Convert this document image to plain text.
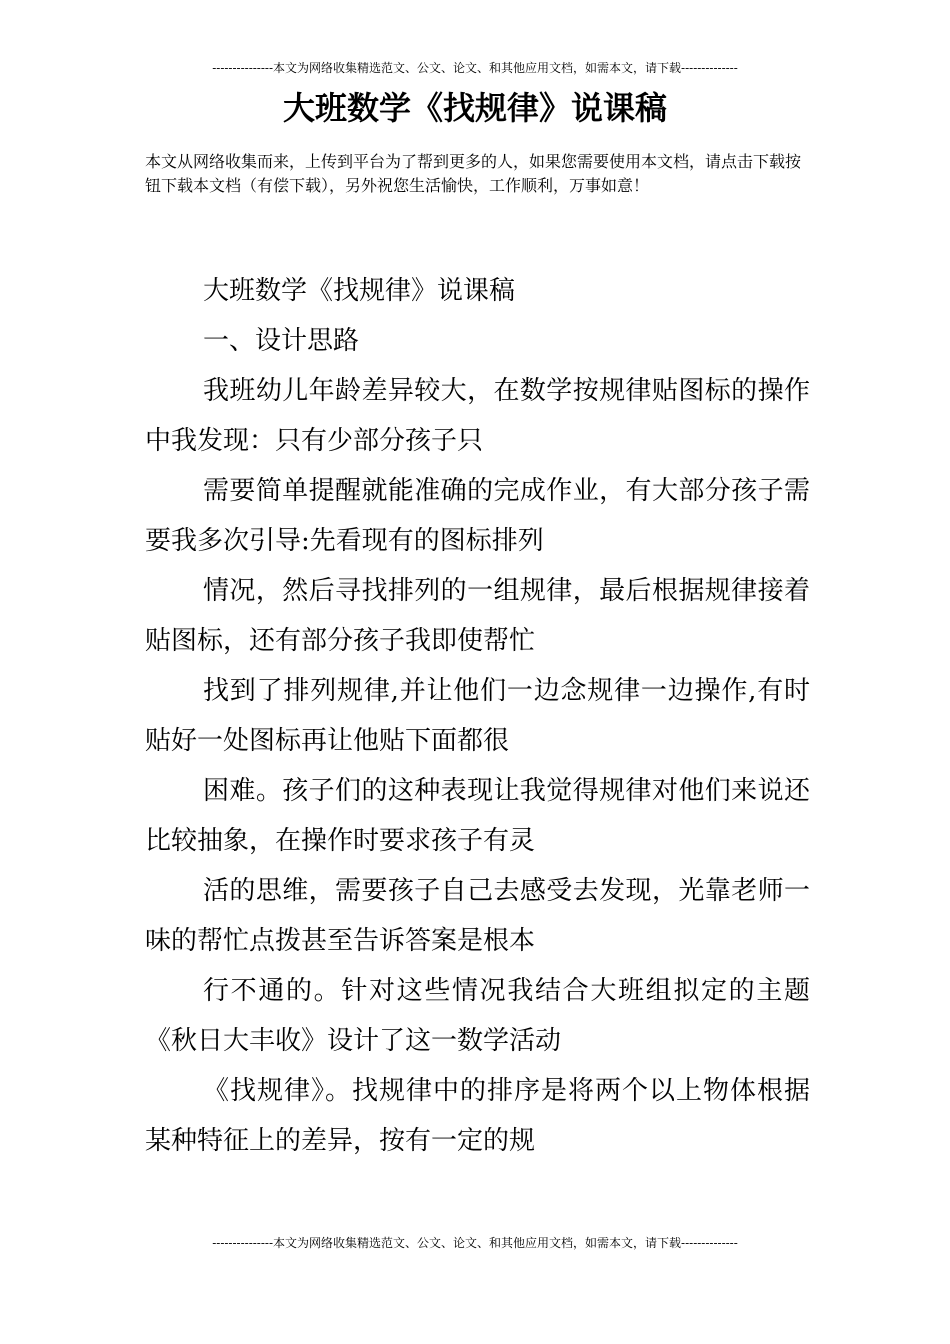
---------------本文为网络收集精选范文、公文、论文、和其他应用文档，如需本文，请下载--------------
大班数学《找规律》说课稿
本文从网络收集而来，上传到平台为了帮到更多的人，如果您需要使用本文档，请点击下载按钮下载本文档（有偿下载），另外祝您生活愉快，工作顺利，万事如意！

大班数学《找规律》说课稿

一、设计思路

我班幼儿年龄差异较大，在数学按规律贴图标的操作中我发现：只有少部分孩子只

需要简单提醒就能准确的完成作业，有大部分孩子需要我多次引导:先看现有的图标排列

情况，然后寻找排列的一组规律，最后根据规律接着贴图标，还有部分孩子我即使帮忙

找到了排列规律,并让他们一边念规律一边操作,有时贴好一处图标再让他贴下面都很

困难。孩子们的这种表现让我觉得规律对他们来说还比较抽象，在操作时要求孩子有灵

活的思维，需要孩子自己去感受去发现，光靠老师一味的帮忙点拨甚至告诉答案是根本

行不通的。针对这些情况我结合大班组拟定的主题《秋日大丰收》设计了这一数学活动

《找规律》。找规律中的排序是将两个以上物体根据某种特征上的差异，按有一定的规

---------------本文为网络收集精选范文、公文、论文、和其他应用文档，如需本文，请下载--------------
